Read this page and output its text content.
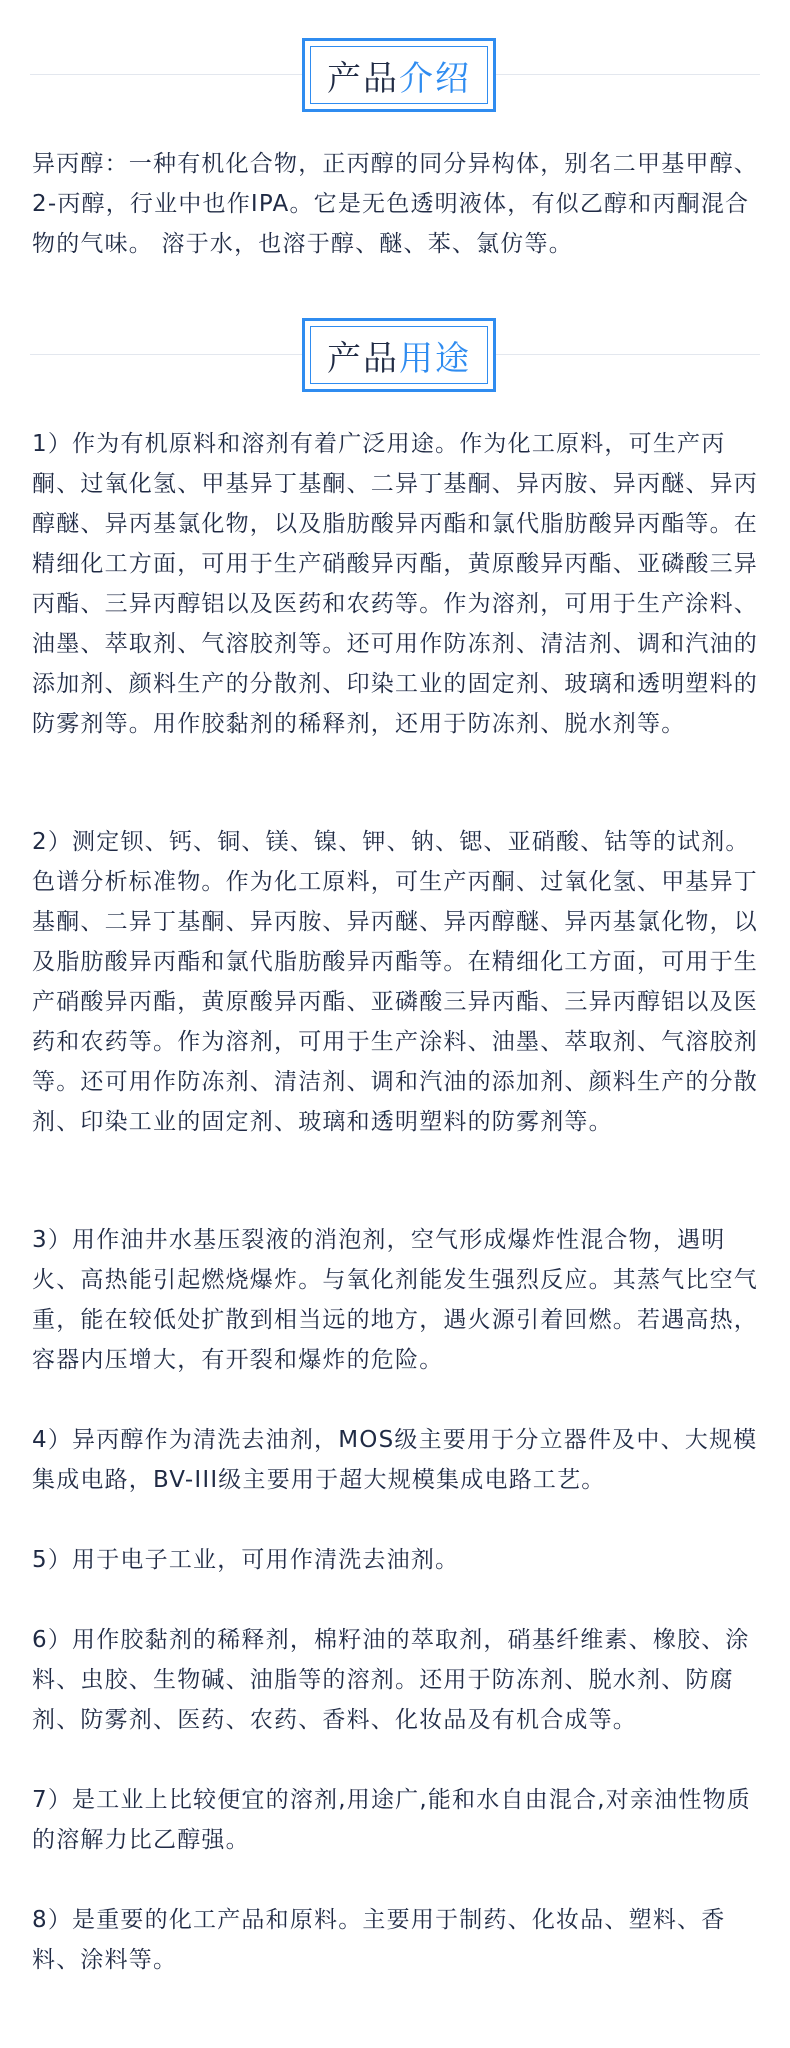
产品 介绍

异丙醇：一种有机化合物，正丙醇的同分异构体，别名二甲基甲醇、2-丙醇，行业中也作IPA。它是无色透明液体，有似乙醇和丙酮混合物的气味。 溶于水，也溶于醇、醚、苯、氯仿等。

产品 用途

1）作为有机原料和溶剂有着广泛用途。作为化工原料，可生产丙酮、过氧化氢、甲基异丁基酮、二异丁基酮、异丙胺、异丙醚、异丙醇醚、异丙基氯化物，以及脂肪酸异丙酯和氯代脂肪酸异丙酯等。在精细化工方面，可用于生产硝酸异丙酯，黄原酸异丙酯、亚磷酸三异丙酯、三异丙醇铝以及医药和农药等。作为溶剂，可用于生产涂料、油墨、萃取剂、气溶胶剂等。还可用作防冻剂、清洁剂、调和汽油的添加剂、颜料生产的分散剂、印染工业的固定剂、玻璃和透明塑料的防雾剂等。用作胶黏剂的稀释剂，还用于防冻剂、脱水剂等。

2）测定钡、钙、铜、镁、镍、钾、钠、锶、亚硝酸、钴等的试剂。色谱分析标准物。作为化工原料，可生产丙酮、过氧化氢、甲基异丁基酮、二异丁基酮、异丙胺、异丙醚、异丙醇醚、异丙基氯化物，以及脂肪酸异丙酯和氯代脂肪酸异丙酯等。在精细化工方面，可用于生产硝酸异丙酯，黄原酸异丙酯、亚磷酸三异丙酯、三异丙醇铝以及医药和农药等。作为溶剂，可用于生产涂料、油墨、萃取剂、气溶胶剂等。还可用作防冻剂、清洁剂、调和汽油的添加剂、颜料生产的分散剂、印染工业的固定剂、玻璃和透明塑料的防雾剂等。

3）用作油井水基压裂液的消泡剂，空气形成爆炸性混合物，遇明火、高热能引起燃烧爆炸。与氧化剂能发生强烈反应。其蒸气比空气重，能在较低处扩散到相当远的地方，遇火源引着回燃。若遇高热，容器内压增大，有开裂和爆炸的危险。

4）异丙醇作为清洗去油剂，MOS级主要用于分立器件及中、大规模集成电路，BV-III级主要用于超大规模集成电路工艺。

5）用于电子工业，可用作清洗去油剂。

6）用作胶黏剂的稀释剂，棉籽油的萃取剂，硝基纤维素、橡胶、涂料、虫胶、生物碱、油脂等的溶剂。还用于防冻剂、脱水剂、防腐剂、防雾剂、医药、农药、香料、化妆品及有机合成等。

7）是工业上比较便宜的溶剂,用途广,能和水自由混合,对亲油性物质的溶解力比乙醇强。

8）是重要的化工产品和原料。主要用于制药、化妆品、塑料、香料、涂料等。
